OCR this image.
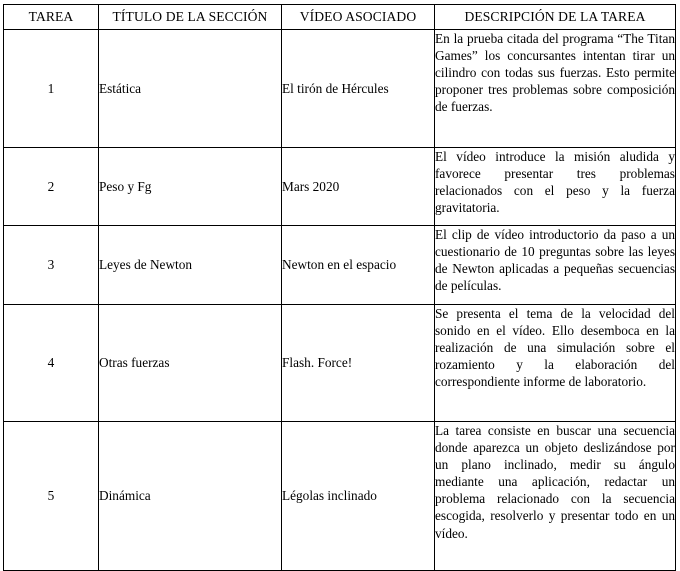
TAREA	TÍTULO DE LA SECCIÓN	VÍDEO ASOCIADO	DESCRIPCIÓN DE LA TAREA
1	Estática	El tirón de Hércules	En la prueba citada del programa “The Titan Games” los concursantes intentan tirar un cilindro con todas sus fuerzas. Esto permite proponer tres problemas sobre composición de fuerzas.
2	Peso y Fg	Mars 2020	El vídeo introduce la misión aludida y favorece presentar tres problemas relacionados con el peso y la fuerza gravitatoria.
3	Leyes de Newton	Newton en el espacio	El clip de vídeo introductorio da paso a un cuestionario de 10 preguntas sobre las leyes de Newton aplicadas a pequeñas secuencias de películas.
4	Otras fuerzas	Flash. Force!	Se presenta el tema de la velocidad del sonido en el vídeo. Ello desemboca en la realización de una simulación sobre el rozamiento y la elaboración del correspondiente informe de laboratorio.
5	Dinámica	Légolas inclinado	La tarea consiste en buscar una secuencia donde aparezca un objeto deslizándose por un plano inclinado, medir su ángulo mediante una aplicación, redactar un problema relacionado con la secuencia escogida, resolverlo y presentar todo en un vídeo.
